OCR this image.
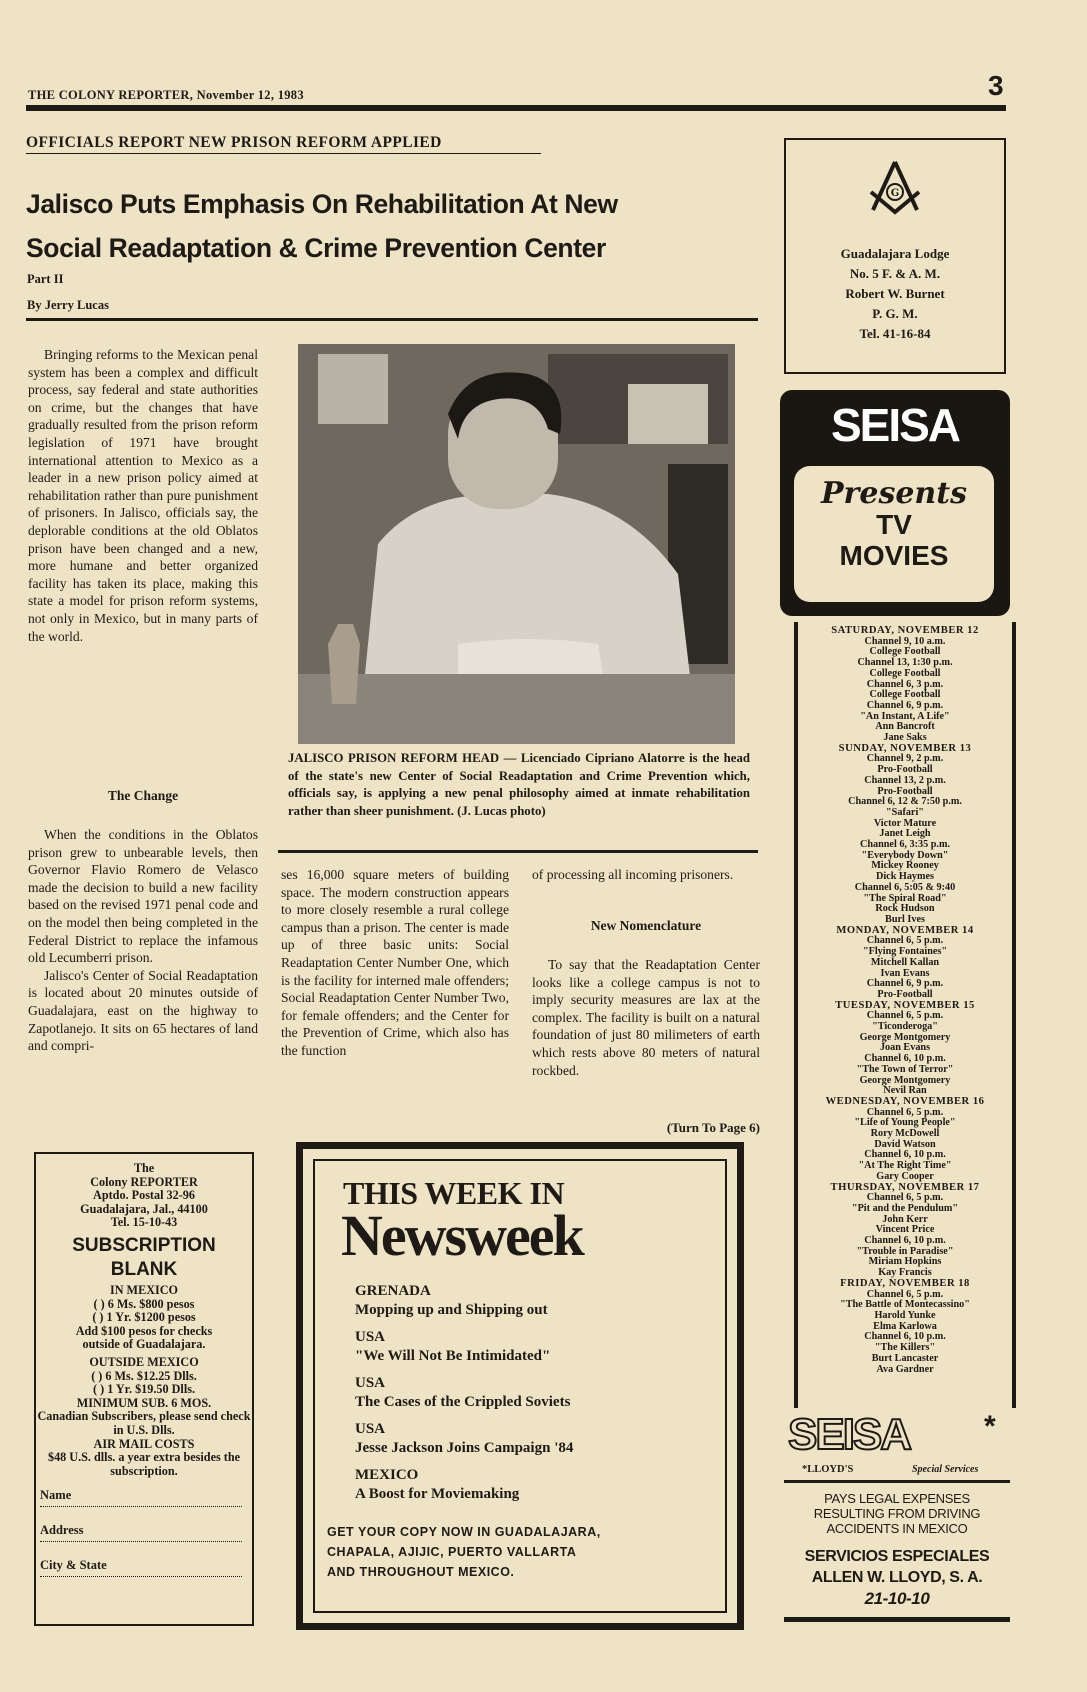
THE COLONY REPORTER, November 12, 1983	3
OFFICIALS REPORT NEW PRISON REFORM APPLIED
Jalisco Puts Emphasis On Rehabilitation At New
Social Readaptation & Crime Prevention Center
Part II
By Jerry Lucas

Bringing reforms to the Mexican penal system has been a complex and difficult process, say federal and state authorities on crime, but the changes that have gradually resulted from the prison reform legislation of 1971 have brought international attention to Mexico as a leader in a new prison policy aimed at rehabilitation rather than pure punishment of prisoners. In Jalisco, officials say, the deplorable conditions at the old Oblatos prison have been changed and a new, more humane and better organized facility has taken its place, making this state a model for prison reform systems, not only in Mexico, but in many parts of the world.

The Change

When the conditions in the Oblatos prison grew to unbearable levels, then Governor Flavio Romero de Velasco made the decision to build a new facility based on the revised 1971 penal code and on the model then being completed in the Federal District to replace the infamous old Lecumberri prison.

Jalisco's Center of Social Readaptation is located about 20 minutes outside of Guadalajara, east on the highway to Zapotlanejo. It sits on 65 hectares of land and compri-

JALISCO PRISON REFORM HEAD — Licenciado Cipriano Alatorre is the head of the state's new Center of Social Readaptation and Crime Prevention which, officials say, is applying a new penal philosophy aimed at inmate rehabilitation rather than sheer punishment. (J. Lucas photo)

ses 16,000 square meters of building space. The modern construction appears to more closely resemble a rural college campus than a prison. The center is made up of three basic units: Social Readaptation Center Number One, which is the facility for interned male offenders; Social Readaptation Center Number Two, for female offenders; and the Center for the Prevention of Crime, which also has the function

of processing all incoming prisoners.

New Nomenclature

To say that the Readaptation Center looks like a college campus is not to imply security measures are lax at the complex. The facility is built on a natural foundation of just 80 milimeters of earth which rests above 80 meters of natural rockbed.

(Turn To Page 6)
G
Guadalajara Lodge
No. 5 F. & A. M.
Robert W. Burnet
P. G. M.
Tel. 41-16-84
SEISA
Presents
TV
MOVIES
SATURDAY, NOVEMBER 12
Channel 9, 10 a.m.
College Football
Channel 13, 1:30 p.m.
College Football
Channel 6, 3 p.m.
College Football
Channel 6, 9 p.m.
"An Instant, A Life"
Ann Bancroft
Jane Saks
SUNDAY, NOVEMBER 13
Channel 9, 2 p.m.
Pro-Football
Channel 13, 2 p.m.
Pro-Football
Channel 6, 12 & 7:50 p.m.
"Safari"
Victor Mature
Janet Leigh
Channel 6, 3:35 p.m.
"Everybody Down"
Mickey Rooney
Dick Haymes
Channel 6, 5:05 & 9:40
"The Spiral Road"
Rock Hudson
Burl Ives
MONDAY, NOVEMBER 14
Channel 6, 5 p.m.
"Flying Fontaines"
Mitchell Kallan
Ivan Evans
Channel 6, 9 p.m.
Pro-Football
TUESDAY, NOVEMBER 15
Channel 6, 5 p.m.
"Ticonderoga"
George Montgomery
Joan Evans
Channel 6, 10 p.m.
"The Town of Terror"
George Montgomery
Nevil Ran
WEDNESDAY, NOVEMBER 16
Channel 6, 5 p.m.
"Life of Young People"
Rory McDowell
David Watson
Channel 6, 10 p.m.
"At The Right Time"
Gary Cooper
THURSDAY, NOVEMBER 17
Channel 6, 5 p.m.
"Pit and the Pendulum"
John Kerr
Vincent Price
Channel 6, 10 p.m.
"Trouble in Paradise"
Miriam Hopkins
Kay Francis
FRIDAY, NOVEMBER 18
Channel 6, 5 p.m.
"The Battle of Montecassino"
Harold Yunke
Elma Karlowa
Channel 6, 10 p.m.
"The Killers"
Burt Lancaster
Ava Gardner
The
Colony REPORTER
Aptdo. Postal 32-96
Guadalajara, Jal., 44100
Tel. 15-10-43
SUBSCRIPTION
BLANK
IN MEXICO
( ) 6 Ms. $800 pesos
( ) 1 Yr. $1200 pesos
Add $100 pesos for checks
outside of Guadalajara.
OUTSIDE MEXICO
( ) 6 Ms. $12.25 Dlls.
( ) 1 Yr. $19.50 Dlls.
MINIMUM SUB. 6 MOS.
Canadian Subscribers, please send check in U.S. Dlls.
AIR MAIL COSTS
$48 U.S. dlls. a year extra besides the subscription.
Name
Address
City & State
THIS WEEK IN
Newsweek
GRENADA
Mopping up and Shipping out
USA
"We Will Not Be Intimidated"
USA
The Cases of the Crippled Soviets
USA
Jesse Jackson Joins Campaign '84
MEXICO
A Boost for Moviemaking
GET YOUR COPY NOW IN GUADALAJARA,
CHAPALA, AJIJIC, PUERTO VALLARTA
AND THROUGHOUT MEXICO.
SEISA *
*LLOYD'S	Special Services
PAYS LEGAL EXPENSES
RESULTING FROM DRIVING
ACCIDENTS IN MEXICO
SERVICIOS ESPECIALES
ALLEN W. LLOYD, S. A.
21-10-10
